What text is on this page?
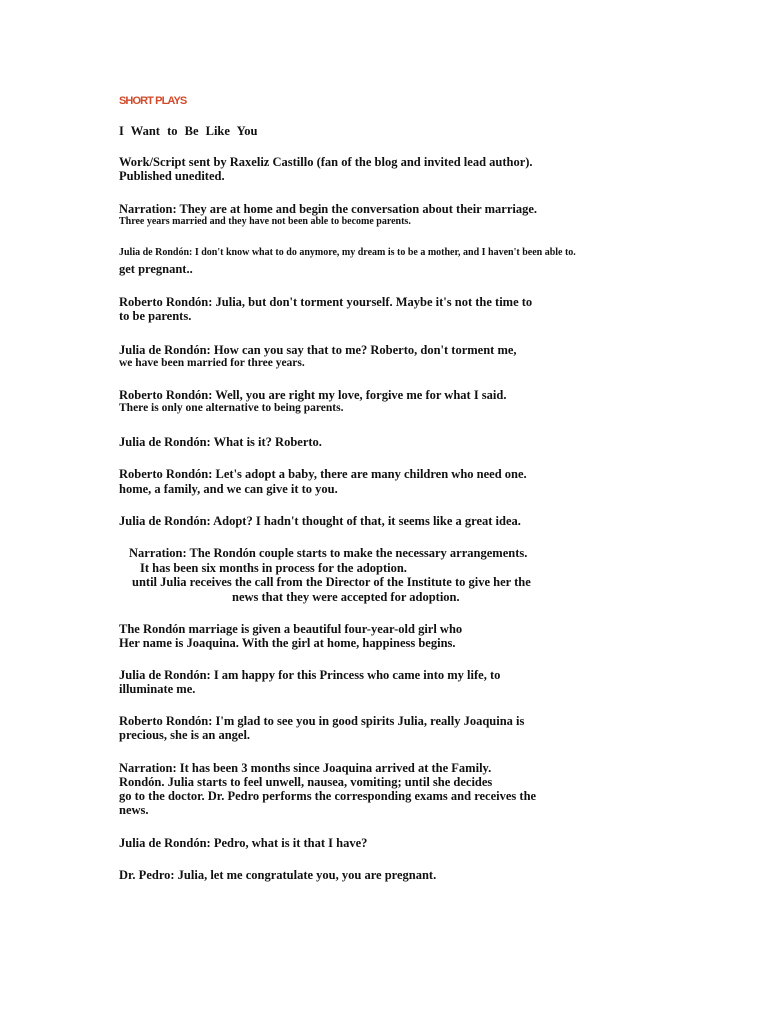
SHORT PLAYS
I Want to Be Like You
Work/Script sent by Raxeliz Castillo (fan of the blog and invited lead author).
Published unedited.
Narration: They are at home and begin the conversation about their marriage.
Three years married and they have not been able to become parents.
Julia de Rondón: I don't know what to do anymore, my dream is to be a mother, and I haven't been able to.
get pregnant..
Roberto Rondón: Julia, but don't torment yourself. Maybe it's not the time to
to be parents.
Julia de Rondón: How can you say that to me? Roberto, don't torment me,
we have been married for three years.
Roberto Rondón: Well, you are right my love, forgive me for what I said.
There is only one alternative to being parents.
Julia de Rondón: What is it? Roberto.
Roberto Rondón: Let's adopt a baby, there are many children who need one.
home, a family, and we can give it to you.
Julia de Rondón: Adopt? I hadn't thought of that, it seems like a great idea.
Narration: The Rondón couple starts to make the necessary arrangements.
It has been six months in process for the adoption.
until Julia receives the call from the Director of the Institute to give her the
news that they were accepted for adoption.
The Rondón marriage is given a beautiful four-year-old girl who
Her name is Joaquina. With the girl at home, happiness begins.
Julia de Rondón: I am happy for this Princess who came into my life, to
illuminate me.
Roberto Rondón: I'm glad to see you in good spirits Julia, really Joaquina is
precious, she is an angel.
Narration: It has been 3 months since Joaquina arrived at the Family.
Rondón. Julia starts to feel unwell, nausea, vomiting; until she decides
go to the doctor. Dr. Pedro performs the corresponding exams and receives the
news.
Julia de Rondón: Pedro, what is it that I have?
Dr. Pedro: Julia, let me congratulate you, you are pregnant.
